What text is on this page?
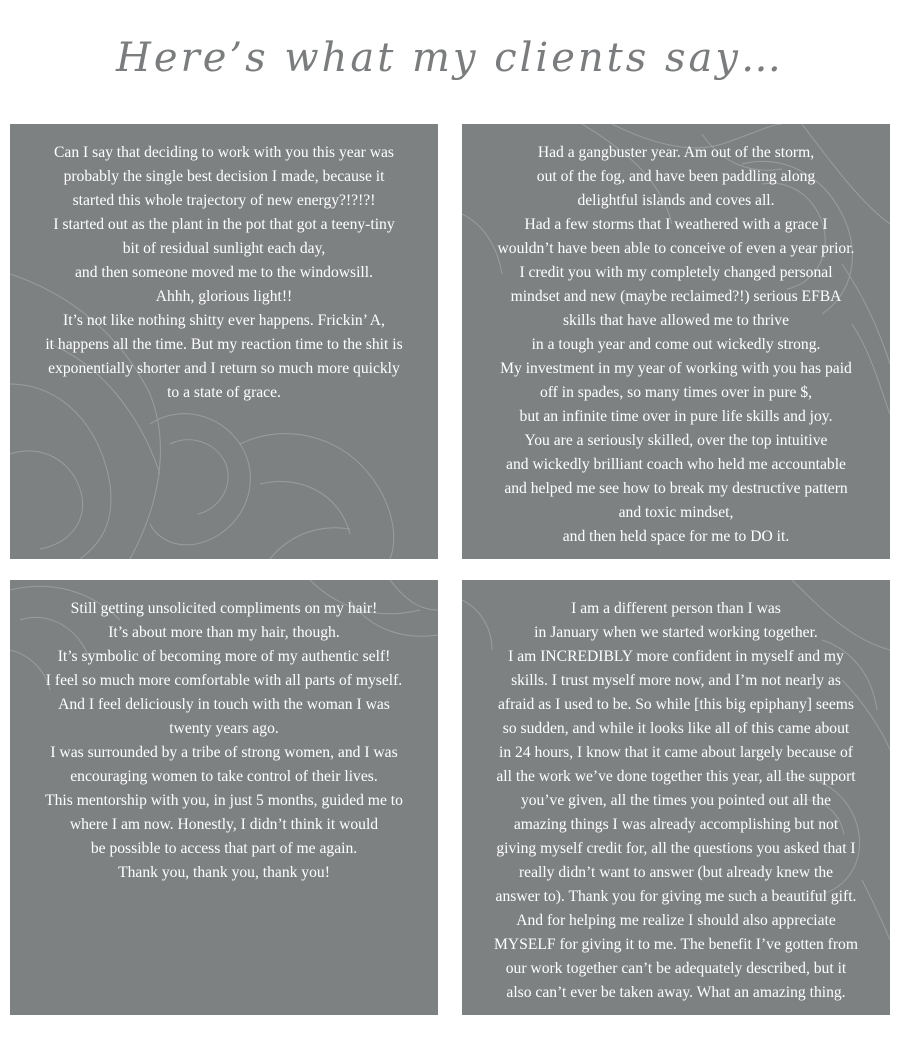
Here’s what my clients say…

Can I say that deciding to work with you this year was

probably the single best decision I made, because it

started this whole trajectory of new energy?!?!?!

I started out as the plant in the pot that got a teeny-tiny

bit of residual sunlight each day,

and then someone moved me to the windowsill.

Ahhh, glorious light!!

It’s not like nothing shitty ever happens. Frickin’ A,

it happens all the time. But my reaction time to the shit is

exponentially shorter and I return so much more quickly

to a state of grace.

Had a gangbuster year. Am out of the storm,

out of the fog, and have been paddling along

delightful islands and coves all.

Had a few storms that I weathered with a grace I

wouldn’t have been able to conceive of even a year prior.

I credit you with my completely changed personal

mindset and new (maybe reclaimed?!) serious EFBA

skills that have allowed me to thrive

in a tough year and come out wickedly strong.

My investment in my year of working with you has paid

off in spades, so many times over in pure $,

but an infinite time over in pure life skills and joy.

You are a seriously skilled, over the top intuitive

and wickedly brilliant coach who held me accountable

and helped me see how to break my destructive pattern

and toxic mindset,

and then held space for me to DO it.

Still getting unsolicited compliments on my hair!

It’s about more than my hair, though.

It’s symbolic of becoming more of my authentic self!

I feel so much more comfortable with all parts of myself.

And I feel deliciously in touch with the woman I was

twenty years ago.

I was surrounded by a tribe of strong women, and I was

encouraging women to take control of their lives.

This mentorship with you, in just 5 months, guided me to

where I am now. Honestly, I didn’t think it would

be possible to access that part of me again.

Thank you, thank you, thank you!

I am a different person than I was

in January when we started working together.

I am INCREDIBLY more confident in myself and my

skills. I trust myself more now, and I’m not nearly as

afraid as I used to be. So while [this big epiphany] seems

so sudden, and while it looks like all of this came about

in 24 hours, I know that it came about largely because of

all the work we’ve done together this year, all the support

you’ve given, all the times you pointed out all the

amazing things I was already accomplishing but not

giving myself credit for, all the questions you asked that I

really didn’t want to answer (but already knew the

answer to). Thank you for giving me such a beautiful gift.

And for helping me realize I should also appreciate

MYSELF for giving it to me. The benefit I’ve gotten from

our work together can’t be adequately described, but it

also can’t ever be taken away. What an amazing thing.
